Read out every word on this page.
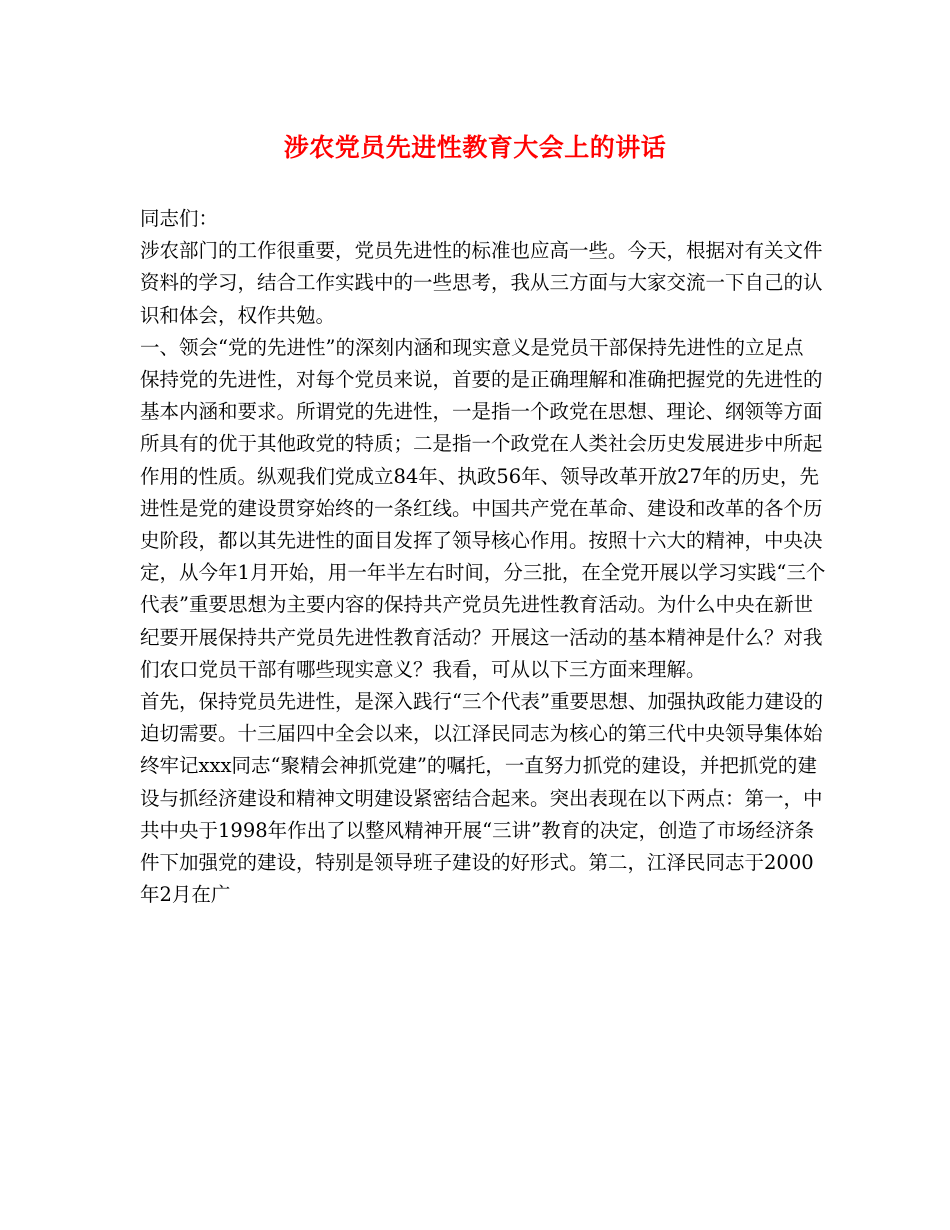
涉农党员先进性教育大会上的讲话

同志们：

涉农部门的工作很重要，党员先进性的标准也应高一些。今天，根据对有关文件资料的学习，结合工作实践中的一些思考，我从三方面与大家交流一下自己的认识和体会，权作共勉。

一、领会“党的先进性”的深刻内涵和现实意义是党员干部保持先进性的立足点

保持党的先进性，对每个党员来说，首要的是正确理解和准确把握党的先进性的基本内涵和要求。所谓党的先进性，一是指一个政党在思想、理论、纲领等方面所具有的优于其他政党的特质；二是指一个政党在人类社会历史发展进步中所起作用的性质。纵观我们党成立84年、执政56年、领导改革开放27年的历史，先进性是党的建设贯穿始终的一条红线。中国共产党在革命、建设和改革的各个历史阶段，都以其先进性的面目发挥了领导核心作用。按照十六大的精神，中央决定，从今年1月开始，用一年半左右时间，分三批，在全党开展以学习实践“三个代表”重要思想为主要内容的保持共产党员先进性教育活动。为什么中央在新世纪要开展保持共产党员先进性教育活动？开展这一活动的基本精神是什么？对我们农口党员干部有哪些现实意义？我看，可从以下三方面来理解。

首先，保持党员先进性，是深入践行“三个代表”重要思想、加强执政能力建设的迫切需要。十三届四中全会以来，以江泽民同志为核心的第三代中央领导集体始终牢记xxx同志“聚精会神抓党建”的嘱托，一直努力抓党的建设，并把抓党的建设与抓经济建设和精神文明建设紧密结合起来。突出表现在以下两点：第一，中共中央于1998年作出了以整风精神开展“三讲”教育的决定，创造了市场经济条件下加强党的建设，特别是领导班子建设的好形式。第二，江泽民同志于2000年2月在广
